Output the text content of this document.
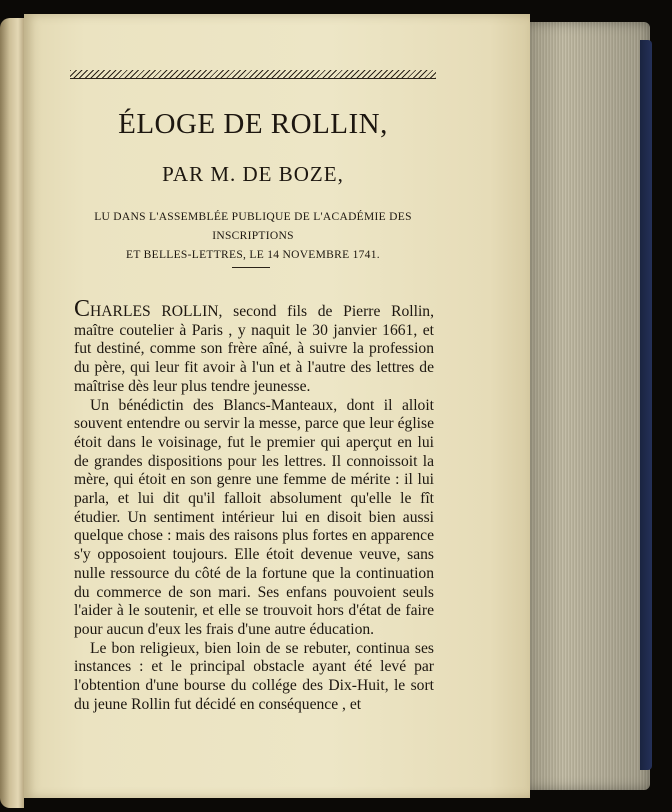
ÉLOGE DE ROLLIN,
PAR M. DE BOZE,
LU DANS L'ASSEMBLÉE PUBLIQUE DE L'ACADÉMIE DES INSCRIPTIONS
ET BELLES-LETTRES, LE 14 NOVEMBRE 1741.

CHARLES ROLLIN, second fils de Pierre Rollin, maître coutelier à Paris , y naquit le 30 janvier 1661, et fut destiné, comme son frère aîné, à suivre la profession du père, qui leur fit avoir à l'un et à l'autre des lettres de maîtrise dès leur plus tendre jeunesse.

Un bénédictin des Blancs-Manteaux, dont il alloit souvent entendre ou servir la messe, parce que leur église étoit dans le voisinage, fut le premier qui aperçut en lui de grandes dispositions pour les lettres. Il connoissoit la mère, qui étoit en son genre une femme de mérite : il lui parla, et lui dit qu'il falloit absolument qu'elle le fît étudier. Un sentiment intérieur lui en disoit bien aussi quelque chose : mais des raisons plus fortes en apparence s'y opposoient toujours. Elle étoit devenue veuve, sans nulle ressource du côté de la fortune que la continuation du commerce de son mari. Ses enfans pouvoient seuls l'aider à le soutenir, et elle se trouvoit hors d'état de faire pour aucun d'eux les frais d'une autre éducation.

Le bon religieux, bien loin de se rebuter, continua ses instances : et le principal obstacle ayant été levé par l'obtention d'une bourse du collége des Dix-Huit, le sort du jeune Rollin fut décidé en conséquence , et
